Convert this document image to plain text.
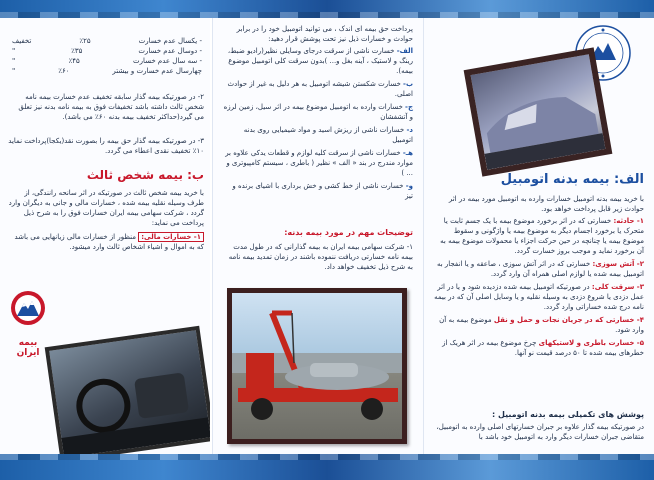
- یکسال عدم خسارت
٪۲۵
تخفیف
- دوسال عدم خسارت
٪۳۵
"
- سه سال عدم خسارت
٪۴۵
"
چهارسال عدم خسارت و بیشتر
٪۶۰
"
۲- در صورتیکه بیمه گذار سابقه تخفیف عدم خسارت بیمه نامه شخص ثالث داشته باشد تخفیفات فوق به بیمه نامه بدنه نیز تعلق می گیرد(حداکثر تخفیف بیمه بدنه ۶۰٪ می باشد).
۳- در صورتیکه بیمه گذار حق بیمه را بصورت نقد(یکجا)پرداخت نماید ۱۰٪ تخفیف نقدی اعطاء می گردد.
ب: بیمه شخص ثالث
با خرید بیمه شخص ثالث در صورتیکه در اثر سانحه رانندگی، از طرف وسیله نقلیه بیمه شده ، خسارات مالی و جانی به دیگران وارد گردد ، شرکت سهامی بیمه ایران خسارات فوق را به شرح ذیل پرداخت می نماید:
۱- خسارات مالی: منظور از خسارات مالی زیانهایی می باشد که به اموال و اشیاء اشخاص ثالث وارد میشود.
بیمه ایران
پرداخت حق بیمه ای اندک ، می توانید اتومبیل خود را در برابر حوادث و خسارات ذیل نیز تحت پوشش قرار دهید:
الف- خسارت ناشی از سرقت درجای وسایلی نظیر(رادیو ضبط، رینگ و لاستیک ، آینه بغل و... )بدون سرقت کلی اتومبیل موضوع بیمه).
ب- خسارت شکستن شیشه اتومبیل به هر دلیل به غیر از حوادث اصلی.
ج- خسارات وارده به اتومبیل موضوع بیمه در اثر سیل، زمین لرزه و آتشفشان
د- خسارات ناشی از ریزش اسید و مواد شیمیایی روی بدنه اتومبیل
هـ- خسارات ناشی از سرقت کلیه لوازم و قطعات یدکی علاوه بر موارد مندرج در بند « الف » نظیر ( باطری ، سیستم کامپیوتری و ... )
و- خسارت ناشی از خط کشی و خش برداری با اشیای برنده و تیز
توضیحات مهم در مورد بیمه بدنه:
۱- شرکت سهامی بیمه ایران به بیمه گذارانی که در طول مدت بیمه نامه خسارتی دریافت ننموده باشند در زمان تمدید بیمه نامه به شرح ذیل تخفیف خواهد داد.
الف: بیمه بدنه اتومبیل
با خرید بیمه بدنه اتومبیل خسارات وارده به اتومبیل مورد بیمه در اثر حوادث زیر قابل پرداخت خواهد بود.
۱- حادثه: خسارتی که در اثر برخورد موضوع بیمه با یک جسم ثابت یا متحرک یا برخورد اجسام دیگر به موضوع بیمه یا واژگونی و سقوط موضوع بیمه یا چنانچه در حین حرکت اجزاء یا محمولات موضوع بیمه به آن برخورد نماید و موجب بروز خسارت گردد.
۲- آتش سوزی: خسارتی که در اثر آتش سوزی ، صاعقه و یا انفجار به اتومبیل بیمه شده یا لوازم اصلی همراه آن وارد گردد.
۳- سرقت کلی: در صورتیکه اتومبیل بیمه شده دزدیده شود و یا در اثر عمل دزدی یا شروع دزدی به وسیله نقلیه و یا وسایل اصلی آن که در بیمه نامه درج شده خساراتی وارد گردد.
۴- خسارتی که در جریان نجات و حمل و نقل موضوع بیمه به آن وارد شود.
۵- خسارت باطری و لاستیکهای چرخ موضوع بیمه در اثر هریک از خطرهای بیمه شده تا ۵۰ درصد قیمت نو آنها.
پوشش های تکمیلی بیمه بدنه اتومبیل :
در صورتیکه بیمه گذار علاوه بر جبران خسارتهای اصلی وارده به اتومبیل، متقاضی جبران خسارات دیگر وارد به اتومبیل خود باشد با
